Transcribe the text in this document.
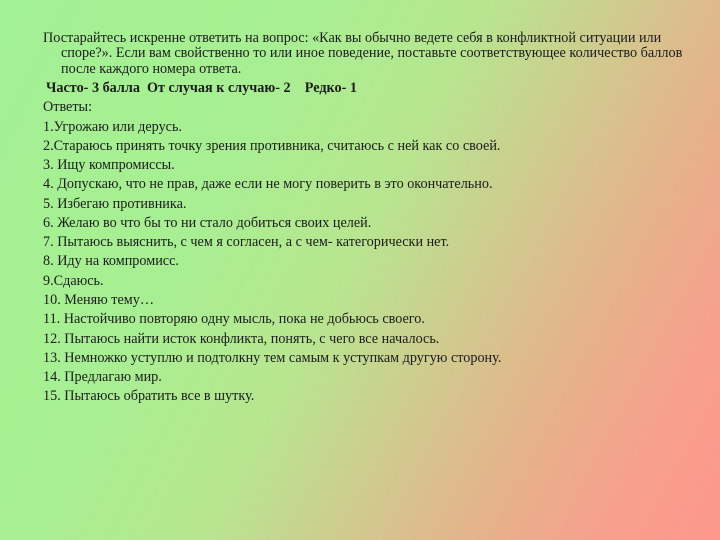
Постарайтесь искренне ответить на вопрос: «Как вы обычно ведете себя в конфликтной ситуации или споре?». Если вам свойственно то или иное поведение, поставьте соответствующее количество баллов после каждого номера ответа.

Часто- 3 балла  От случая к случаю- 2    Редко- 1

Ответы:

1.Угрожаю или дерусь.
2.Стараюсь принять точку зрения противника, считаюсь с ней как со своей.
3. Ищу компромиссы.
4. Допускаю, что не прав, даже если не могу поверить в это окончательно.
5. Избегаю противника.
6. Желаю во что бы то ни стало добиться своих целей.
7. Пытаюсь выяснить, с чем я согласен, а с чем- категорически нет.
8. Иду на компромисс.
9.Сдаюсь.
10. Меняю тему…
11. Настойчиво повторяю одну мысль, пока не добьюсь своего.
12. Пытаюсь найти исток конфликта, понять, с чего все началось.
13. Немножко уступлю и подтолкну тем самым к уступкам другую сторону.
14. Предлагаю мир.
15. Пытаюсь обратить все в шутку.
